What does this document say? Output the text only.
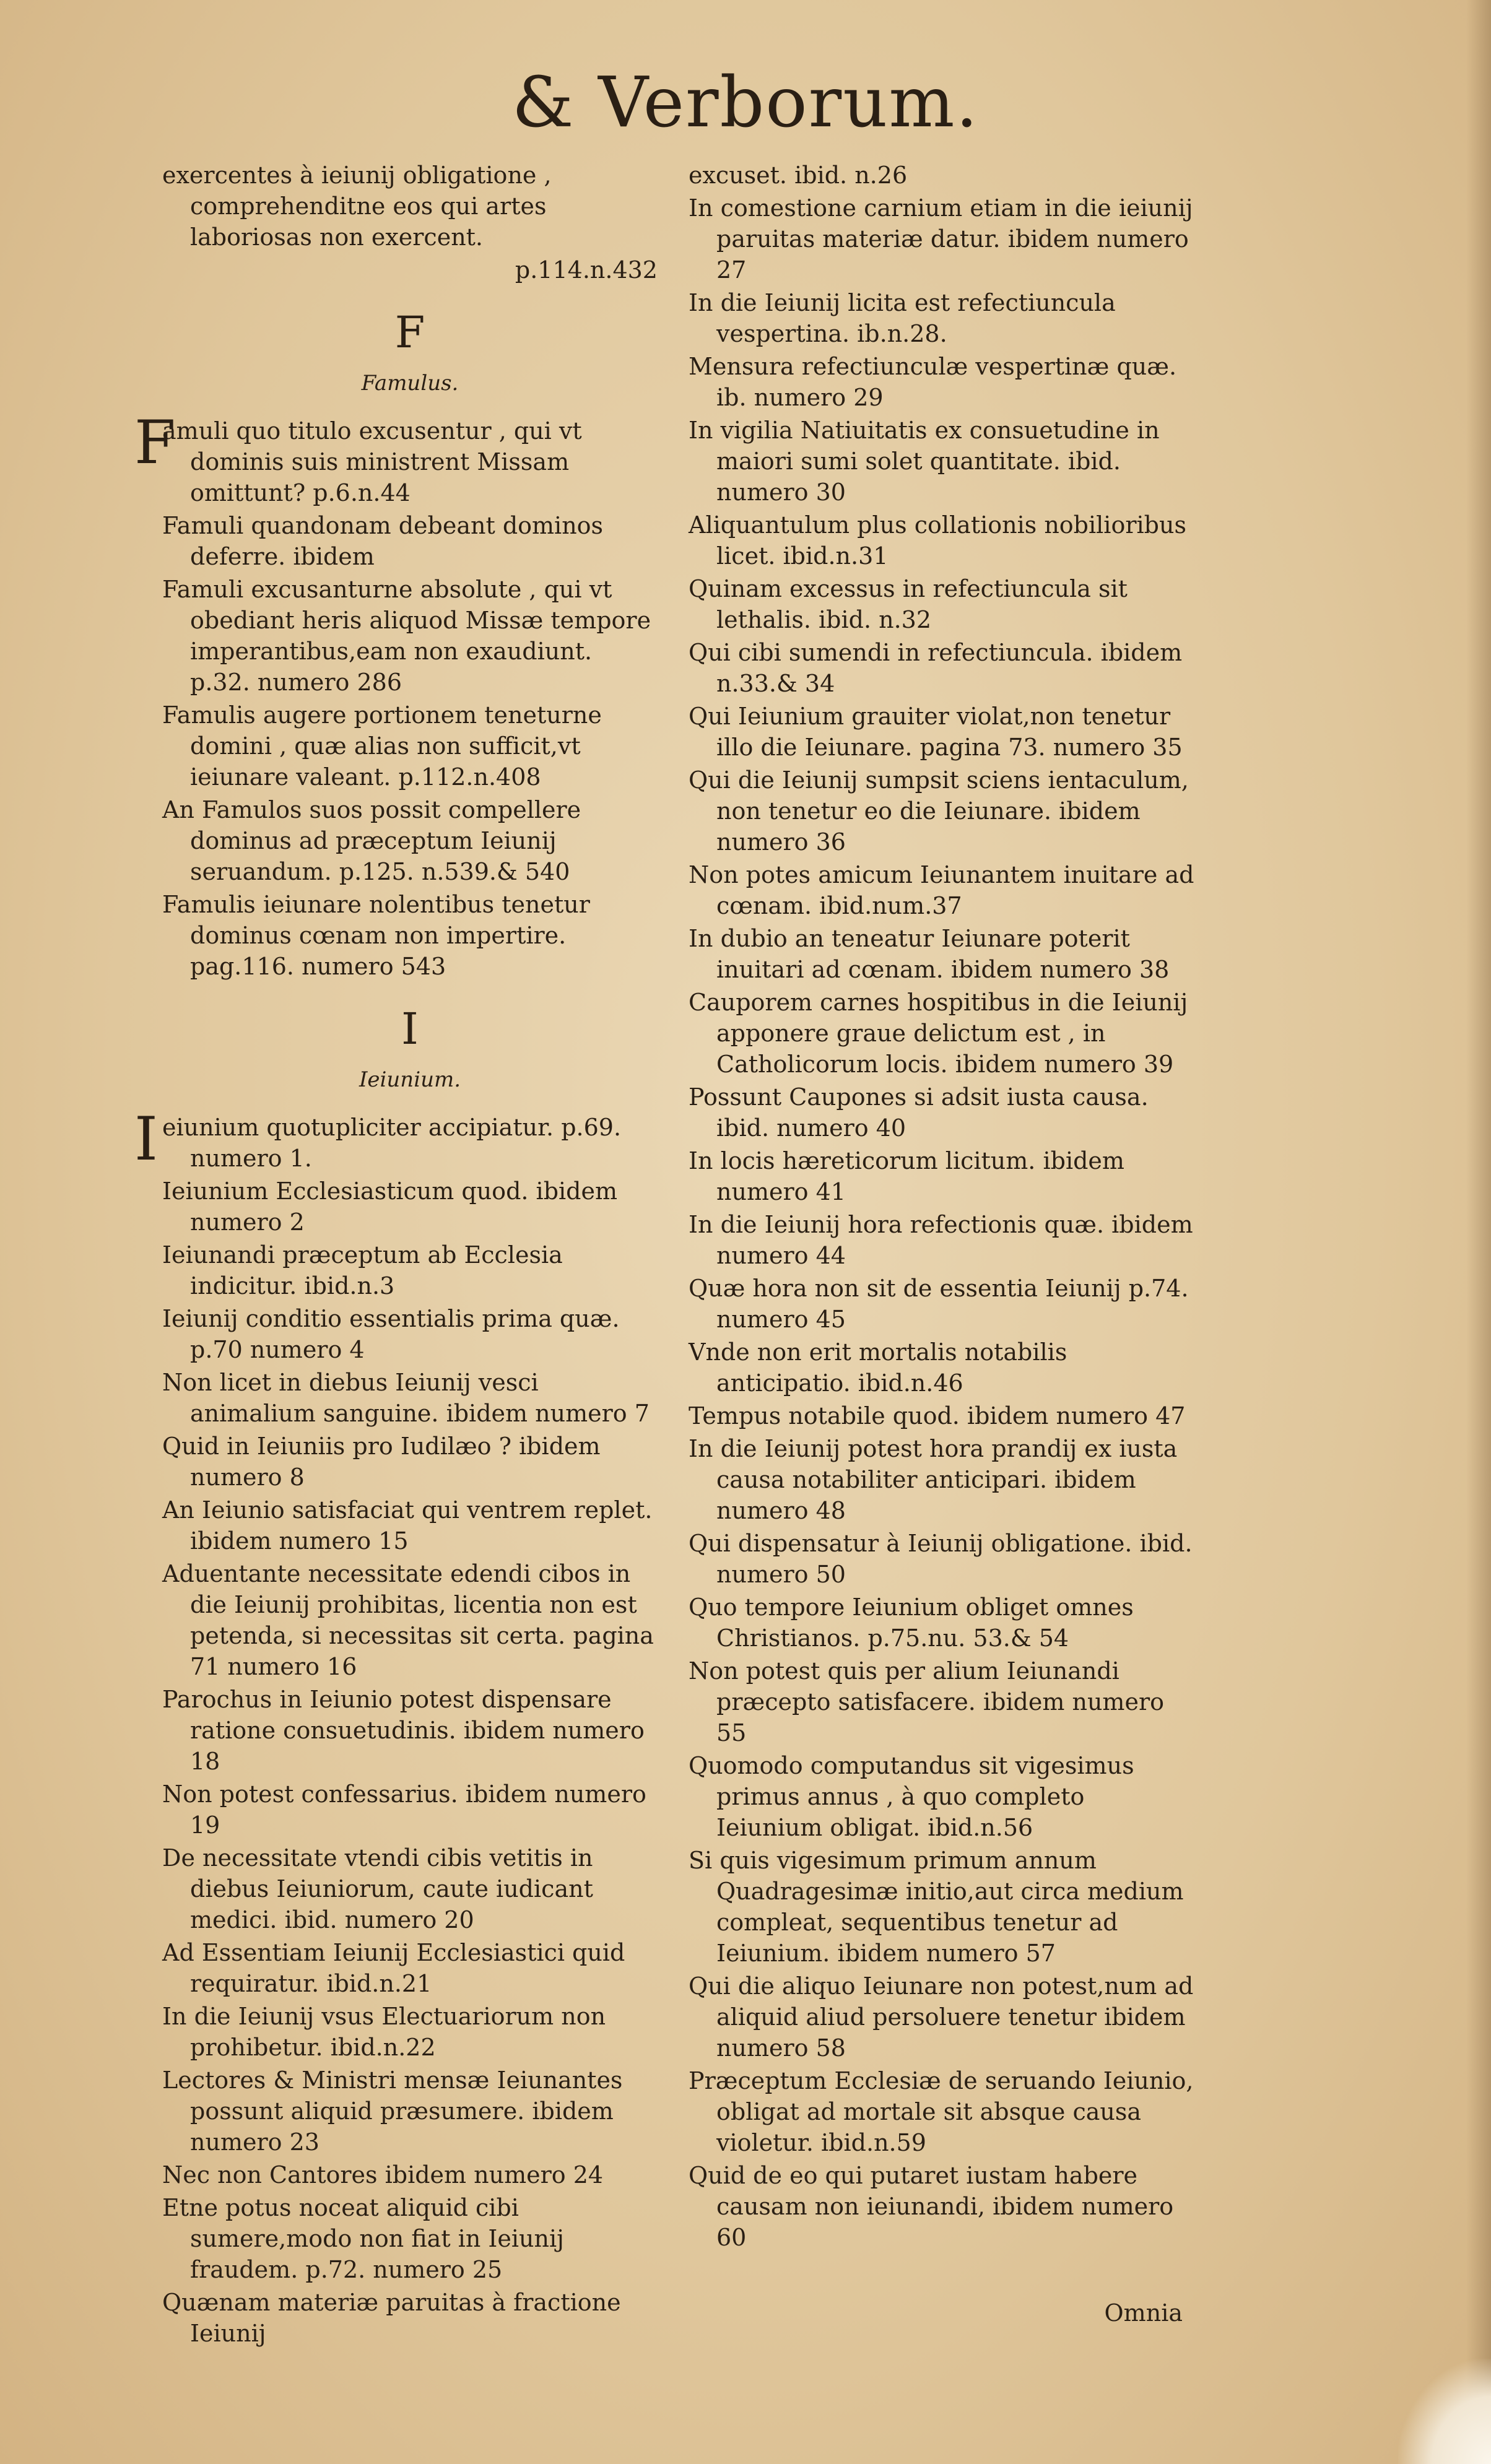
& Verborum.

exercentes à ieiunij obligatione , comprehenditne eos qui artes laboriosas non exercent.

p.114.n.432
F
Famulus.

Famuli quo titulo excusentur , qui vt dominis suis ministrent Missam omittunt? p.6.n.44

Famuli quandonam debeant dominos deferre. ibidem

Famuli excusanturne absolute , qui vt obediant heris aliquod Missæ tempore imperantibus,eam non exaudiunt. p.32. numero 286

Famulis augere portionem teneturne domini , quæ alias non sufficit,vt ieiunare valeant. p.112.n.408

An Famulos suos possit compellere dominus ad præceptum Ieiunij seruandum. p.125. n.539.& 540

Famulis ieiunare nolentibus tenetur dominus cœnam non impertire. pag.116. numero 543

I
Ieiunium.

Ieiunium quotupliciter accipiatur. p.69. numero 1.

Ieiunium Ecclesiasticum quod. ibidem numero 2

Ieiunandi præceptum ab Ecclesia indicitur. ibid.n.3

Ieiunij conditio essentialis prima quæ. p.70 numero 4

Non licet in diebus Ieiunij vesci animalium sanguine. ibidem numero 7

Quid in Ieiuniis pro Iudilæo ? ibidem numero 8

An Ieiunio satisfaciat qui ventrem replet. ibidem numero 15

Aduentante necessitate edendi cibos in die Ieiunij prohibitas, licentia non est petenda, si necessitas sit certa. pagina 71 numero 16

Parochus in Ieiunio potest dispensare ratione consuetudinis. ibidem numero 18

Non potest confessarius. ibidem numero 19

De necessitate vtendi cibis vetitis in diebus Ieiuniorum, caute iudicant medici. ibid. numero 20

Ad Essentiam Ieiunij Ecclesiastici quid requiratur. ibid.n.21

In die Ieiunij vsus Electuariorum non prohibetur. ibid.n.22

Lectores & Ministri mensæ Ieiunantes possunt aliquid præsumere. ibidem numero 23

Nec non Cantores ibidem numero 24

Etne potus noceat aliquid cibi sumere,modo non fiat in Ieiunij fraudem. p.72. numero 25

Quænam materiæ paruitas à fractione Ieiunij

excuset. ibid. n.26

In comestione carnium etiam in die ieiunij paruitas materiæ datur. ibidem numero 27

In die Ieiunij licita est refectiuncula vespertina. ib.n.28.

Mensura refectiunculæ vespertinæ quæ. ib. numero 29

In vigilia Natiuitatis ex consuetudine in maiori sumi solet quantitate. ibid. numero 30

Aliquantulum plus collationis nobilioribus licet. ibid.n.31

Quinam excessus in refectiuncula sit lethalis. ibid. n.32

Qui cibi sumendi in refectiuncula. ibidem n.33.& 34

Qui Ieiunium grauiter violat,non tenetur illo die Ieiunare. pagina 73. numero 35

Qui die Ieiunij sumpsit sciens ientaculum, non tenetur eo die Ieiunare. ibidem numero 36

Non potes amicum Ieiunantem inuitare ad cœnam. ibid.num.37

In dubio an teneatur Ieiunare poterit inuitari ad cœnam. ibidem numero 38

Cauporem carnes hospitibus in die Ieiunij apponere graue delictum est , in Catholicorum locis. ibidem numero 39

Possunt Caupones si adsit iusta causa. ibid. numero 40

In locis hæreticorum licitum. ibidem numero 41

In die Ieiunij hora refectionis quæ. ibidem numero 44

Quæ hora non sit de essentia Ieiunij p.74. numero 45

Vnde non erit mortalis notabilis anticipatio. ibid.n.46

Tempus notabile quod. ibidem numero 47

In die Ieiunij potest hora prandij ex iusta causa notabiliter anticipari. ibidem numero 48

Qui dispensatur à Ieiunij obligatione. ibid. numero 50

Quo tempore Ieiunium obliget omnes Christianos. p.75.nu. 53.& 54

Non potest quis per alium Ieiunandi præcepto satisfacere. ibidem numero 55

Quomodo computandus sit vigesimus primus annus , à quo completo Ieiunium obligat. ibid.n.56

Si quis vigesimum primum annum Quadragesimæ initio,aut circa medium compleat, sequentibus tenetur ad Ieiunium. ibidem numero 57

Qui die aliquo Ieiunare non potest,num ad aliquid aliud persoluere tenetur ibidem numero 58

Præceptum Ecclesiæ de seruando Ieiunio, obligat ad mortale sit absque causa violetur. ibid.n.59

Quid de eo qui putaret iustam habere causam non ieiunandi, ibidem numero 60

Omnia
